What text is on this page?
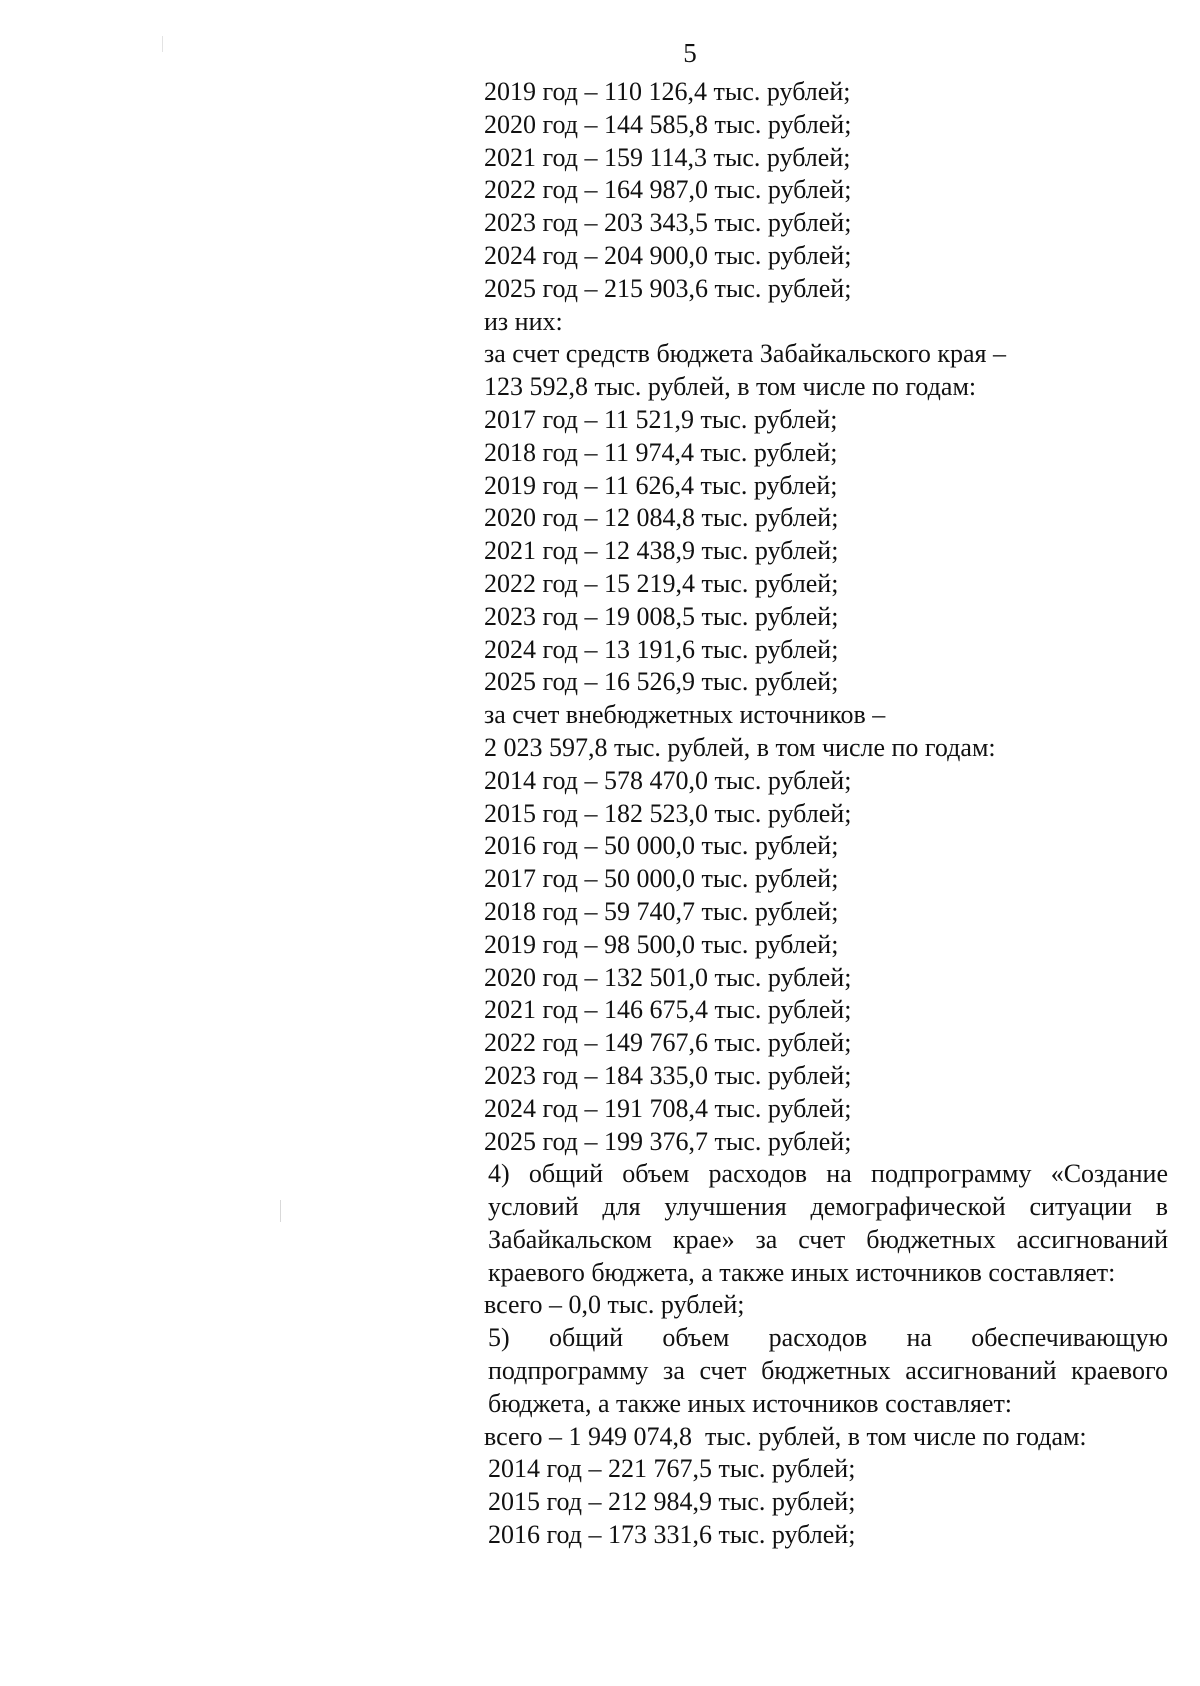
5

2019 год – 110 126,4 тыс. рублей;

2020 год – 144 585,8 тыс. рублей;

2021 год – 159 114,3 тыс. рублей;

2022 год – 164 987,0 тыс. рублей;

2023 год – 203 343,5 тыс. рублей;

2024 год – 204 900,0 тыс. рублей;

2025 год – 215 903,6 тыс. рублей;

из них:

за счет средств бюджета Забайкальского края –

123 592,8 тыс. рублей, в том числе по годам:

2017 год – 11 521,9 тыс. рублей;

2018 год – 11 974,4 тыс. рублей;

2019 год – 11 626,4 тыс. рублей;

2020 год – 12 084,8 тыс. рублей;

2021 год – 12 438,9 тыс. рублей;

2022 год – 15 219,4 тыс. рублей;

2023 год – 19 008,5 тыс. рублей;

2024 год – 13 191,6 тыс. рублей;

2025 год – 16 526,9 тыс. рублей;

за счет внебюджетных источников –

2 023 597,8 тыс. рублей, в том числе по годам:

2014 год – 578 470,0 тыс. рублей;

2015 год – 182 523,0 тыс. рублей;

2016 год – 50 000,0 тыс. рублей;

2017 год – 50 000,0 тыс. рублей;

2018 год – 59 740,7 тыс. рублей;

2019 год – 98 500,0 тыс. рублей;

2020 год – 132 501,0 тыс. рублей;

2021 год – 146 675,4 тыс. рублей;

2022 год – 149 767,6 тыс. рублей;

2023 год – 184 335,0 тыс. рублей;

2024 год – 191 708,4 тыс. рублей;

2025 год – 199 376,7 тыс. рублей;

4) общий объем расходов на подпрограмму «Создание условий для улучшения демографической ситуации в Забайкальском крае» за счет бюджетных ассигнований краевого бюджета, а также иных источников составляет:

всего – 0,0 тыс. рублей;

5) общий объем расходов на обеспечивающую подпрограмму за счет бюджетных ассигнований краевого бюджета, а также иных источников составляет:

всего – 1 949 074,8  тыс. рублей, в том числе по годам:

2014 год – 221 767,5 тыс. рублей;

2015 год – 212 984,9 тыс. рублей;

2016 год – 173 331,6 тыс. рублей;
